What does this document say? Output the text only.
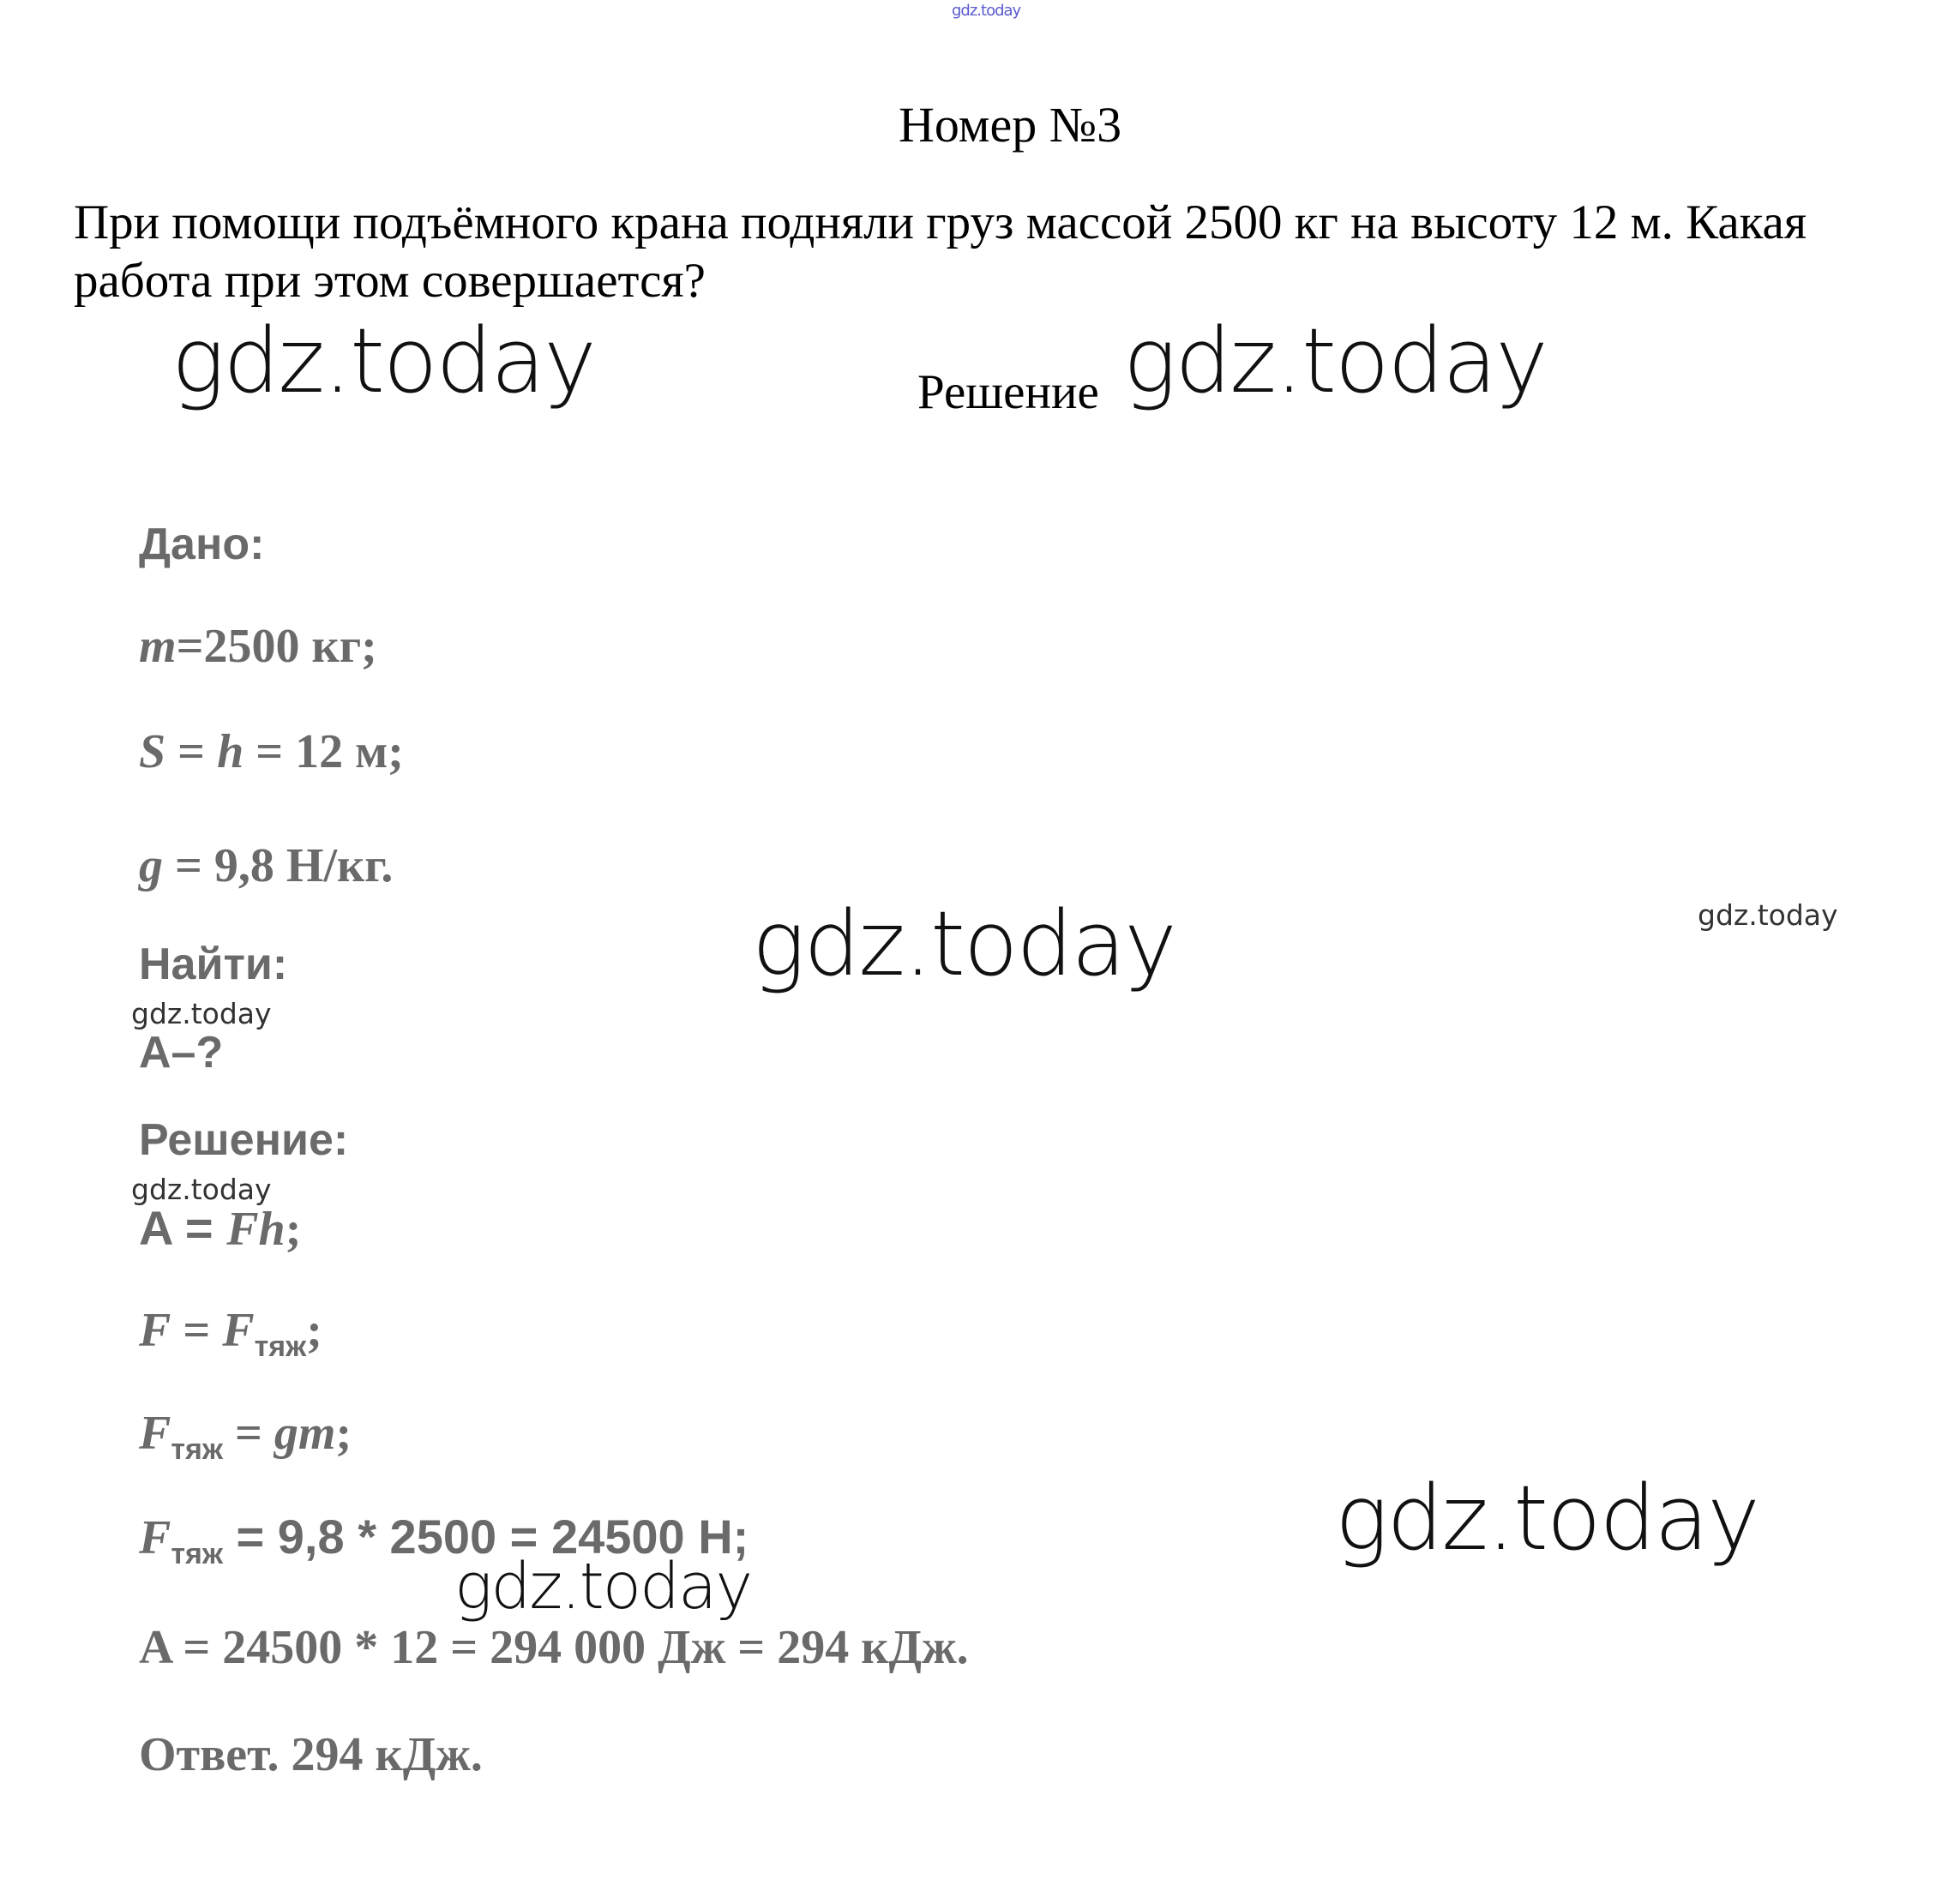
gdz.today
Номер №3
При помощи подъёмного крана подняли груз массой 2500 кг на высоту 12 м. Какая работа при этом совершается?
Решение
gdz.today	gdz.today
gdz.today
gdz.today
gdz.today
gdz.today
gdz.today
gdz.today
Дано:
m=2500 кг;
S = h = 12 м;
g = 9,8 Н/кг.
Найти:
A–?
Решение:
A = Fh;
$F = F_{тяж}$;
$F_{тяж}$ = gm;
$F_{тяж} = 9,8 * 2500 = 24500$ Н;
A = 24500 * 12 = 294 000 Дж = 294 кДж.
Ответ. 294 кДж.
